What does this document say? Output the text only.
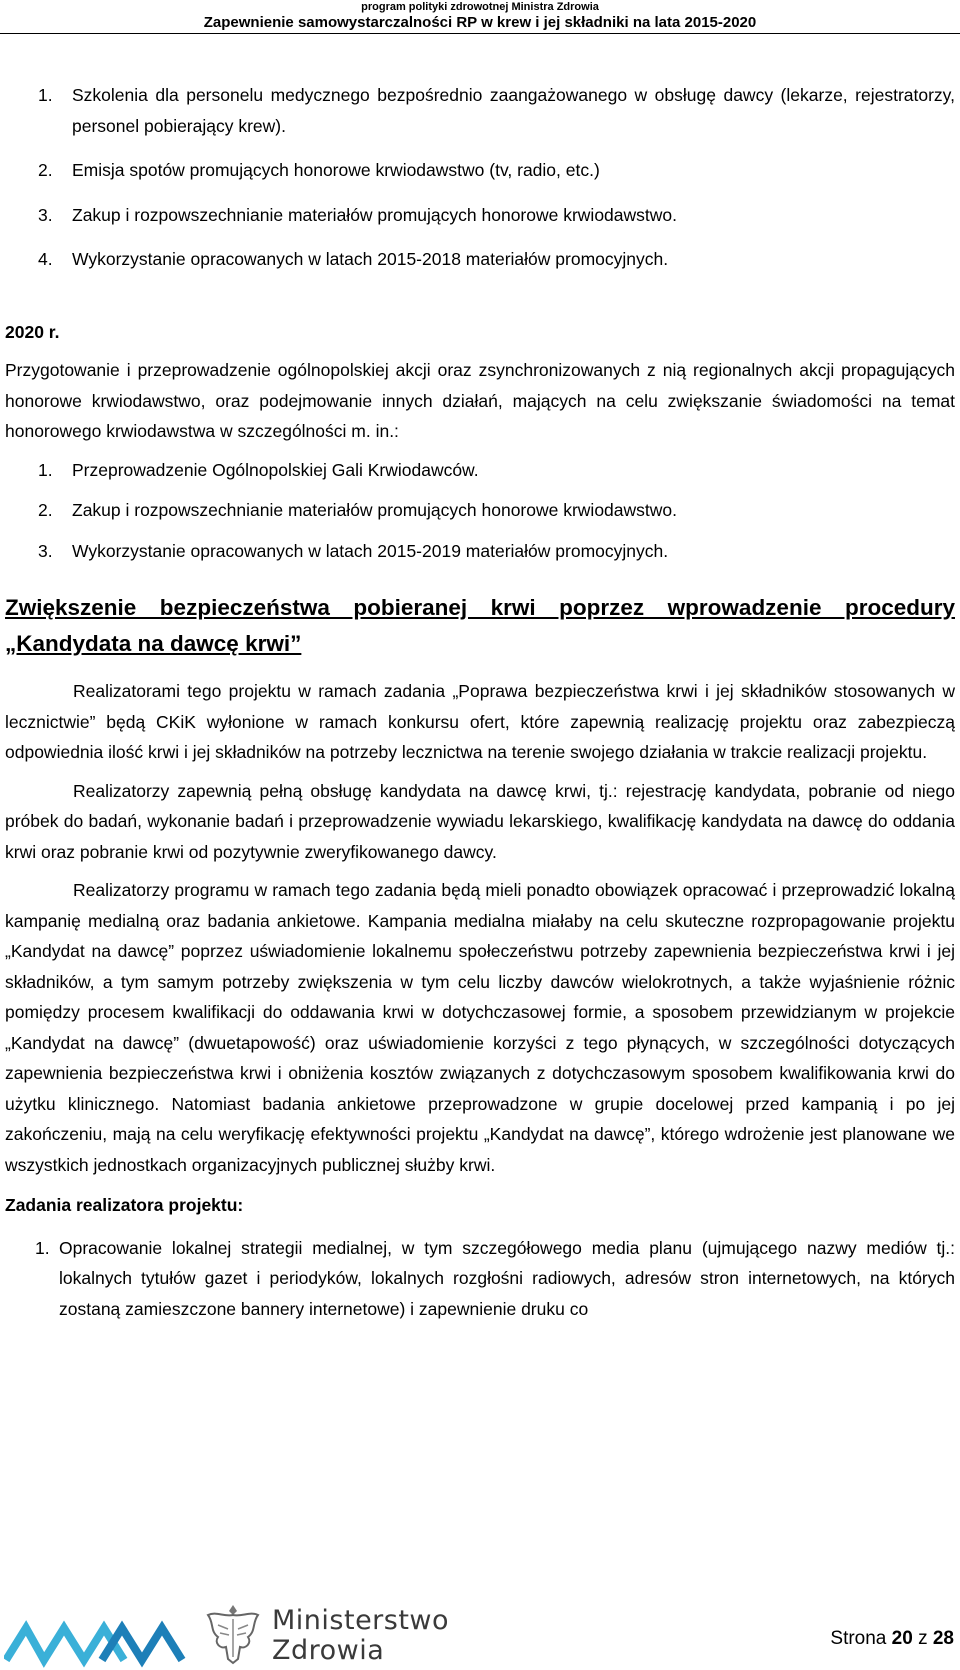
program polityki zdrowotnej Ministra Zdrowia
Zapewnienie samowystarczalności RP w krew i jej składniki na lata 2015-2020
1.	Szkolenia dla personelu medycznego bezpośrednio zaangażowanego w obsługę dawcy (lekarze, rejestratorzy, personel pobierający krew).
2.	Emisja spotów promujących honorowe krwiodawstwo (tv, radio, etc.)
3.	Zakup i rozpowszechnianie materiałów promujących honorowe krwiodawstwo.
4.	Wykorzystanie opracowanych w latach 2015-2018 materiałów promocyjnych.
2020 r.
Przygotowanie i przeprowadzenie ogólnopolskiej akcji oraz zsynchronizowanych z nią regionalnych akcji propagujących honorowe krwiodawstwo, oraz podejmowanie innych działań, mających na celu zwiększanie świadomości na temat honorowego krwiodawstwa w szczególności m. in.:
1.	Przeprowadzenie Ogólnopolskiej Gali Krwiodawców.
2.	Zakup i rozpowszechnianie materiałów promujących honorowe krwiodawstwo.
3.	Wykorzystanie opracowanych w latach 2015-2019 materiałów promocyjnych.
Zwiększenie bezpieczeństwa pobieranej krwi poprzez wprowadzenie procedury „Kandydata na dawcę krwi”
Realizatorami tego projektu w ramach zadania „Poprawa bezpieczeństwa krwi i jej składników stosowanych w lecznictwie” będą CKiK wyłonione w ramach konkursu ofert, które zapewnią realizację projektu oraz zabezpieczą odpowiednia ilość krwi i jej składników na potrzeby lecznictwa na terenie swojego działania w trakcie realizacji projektu.
Realizatorzy zapewnią pełną obsługę kandydata na dawcę krwi, tj.: rejestrację kandydata, pobranie od niego próbek do badań, wykonanie badań i przeprowadzenie wywiadu lekarskiego, kwalifikację kandydata na dawcę do oddania krwi oraz pobranie krwi od pozytywnie zweryfikowanego dawcy.
Realizatorzy programu w ramach tego zadania będą mieli ponadto obowiązek opracować i przeprowadzić lokalną kampanię medialną oraz badania ankietowe. Kampania medialna miałaby na celu skuteczne rozpropagowanie projektu „Kandydat na dawcę” poprzez uświadomienie lokalnemu społeczeństwu potrzeby zapewnienia bezpieczeństwa krwi i jej składników, a tym samym potrzeby zwiększenia w tym celu liczby dawców wielokrotnych, a także wyjaśnienie różnic pomiędzy procesem kwalifikacji do oddawania krwi w dotychczasowej formie, a sposobem przewidzianym w projekcie „Kandydat na dawcę” (dwuetapowość) oraz uświadomienie korzyści z tego płynących, w szczególności dotyczących zapewnienia bezpieczeństwa krwi i obniżenia kosztów związanych z dotychczasowym sposobem kwalifikowania krwi do użytku klinicznego. Natomiast badania ankietowe przeprowadzone w grupie docelowej przed kampanią i po jej zakończeniu, mają na celu weryfikację efektywności projektu „Kandydat na dawcę”, którego wdrożenie jest planowane we wszystkich jednostkach organizacyjnych publicznej służby krwi.
Zadania realizatora projektu:
1. Opracowanie lokalnej strategii medialnej, w tym szczegółowego media planu (ujmującego nazwy mediów tj.: lokalnych tytułów gazet i periodyków, lokalnych rozgłośni radiowych, adresów stron internetowych, na których zostaną zamieszczone bannery internetowe) i zapewnienie druku co
Ministerstwo
Zdrowia	Strona 20 z 28
